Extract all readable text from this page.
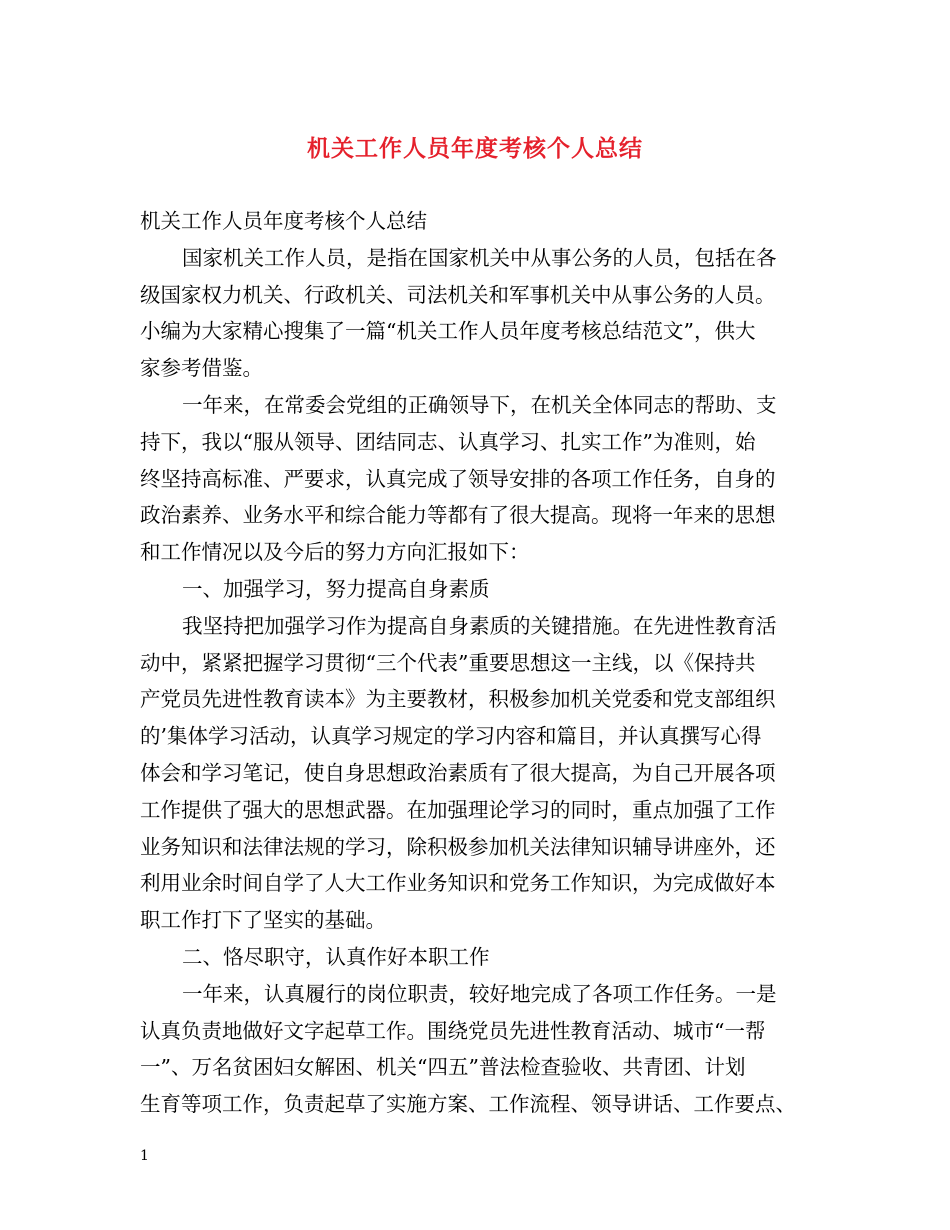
机关工作人员年度考核个人总结
机关工作人员年度考核个人总结
国家机关工作人员，是指在国家机关中从事公务的人员，包括在各
级国家权力机关、行政机关、司法机关和军事机关中从事公务的人员。
小编为大家精心搜集了一篇“机关工作人员年度考核总结范文”，供大
家参考借鉴。
一年来，在常委会党组的正确领导下，在机关全体同志的帮助、支
持下，我以“服从领导、团结同志、认真学习、扎实工作”为准则，始
终坚持高标准、严要求，认真完成了领导安排的各项工作任务，自身的
政治素养、业务水平和综合能力等都有了很大提高。现将一年来的思想
和工作情况以及今后的努力方向汇报如下：
一、加强学习，努力提高自身素质
我坚持把加强学习作为提高自身素质的关键措施。在先进性教育活
动中，紧紧把握学习贯彻“三个代表”重要思想这一主线，以《保持共
产党员先进性教育读本》为主要教材，积极参加机关党委和党支部组织
的’集体学习活动，认真学习规定的学习内容和篇目，并认真撰写心得
体会和学习笔记，使自身思想政治素质有了很大提高，为自己开展各项
工作提供了强大的思想武器。在加强理论学习的同时，重点加强了工作
业务知识和法律法规的学习，除积极参加机关法律知识辅导讲座外，还
利用业余时间自学了人大工作业务知识和党务工作知识，为完成做好本
职工作打下了坚实的基础。
二、恪尽职守，认真作好本职工作
一年来，认真履行的岗位职责，较好地完成了各项工作任务。一是
认真负责地做好文字起草工作。围绕党员先进性教育活动、城市“一帮
一”、万名贫困妇女解困、机关“四五”普法检查验收、共青团、计划
生育等项工作，负责起草了实施方案、工作流程、领导讲话、工作要点、
1
